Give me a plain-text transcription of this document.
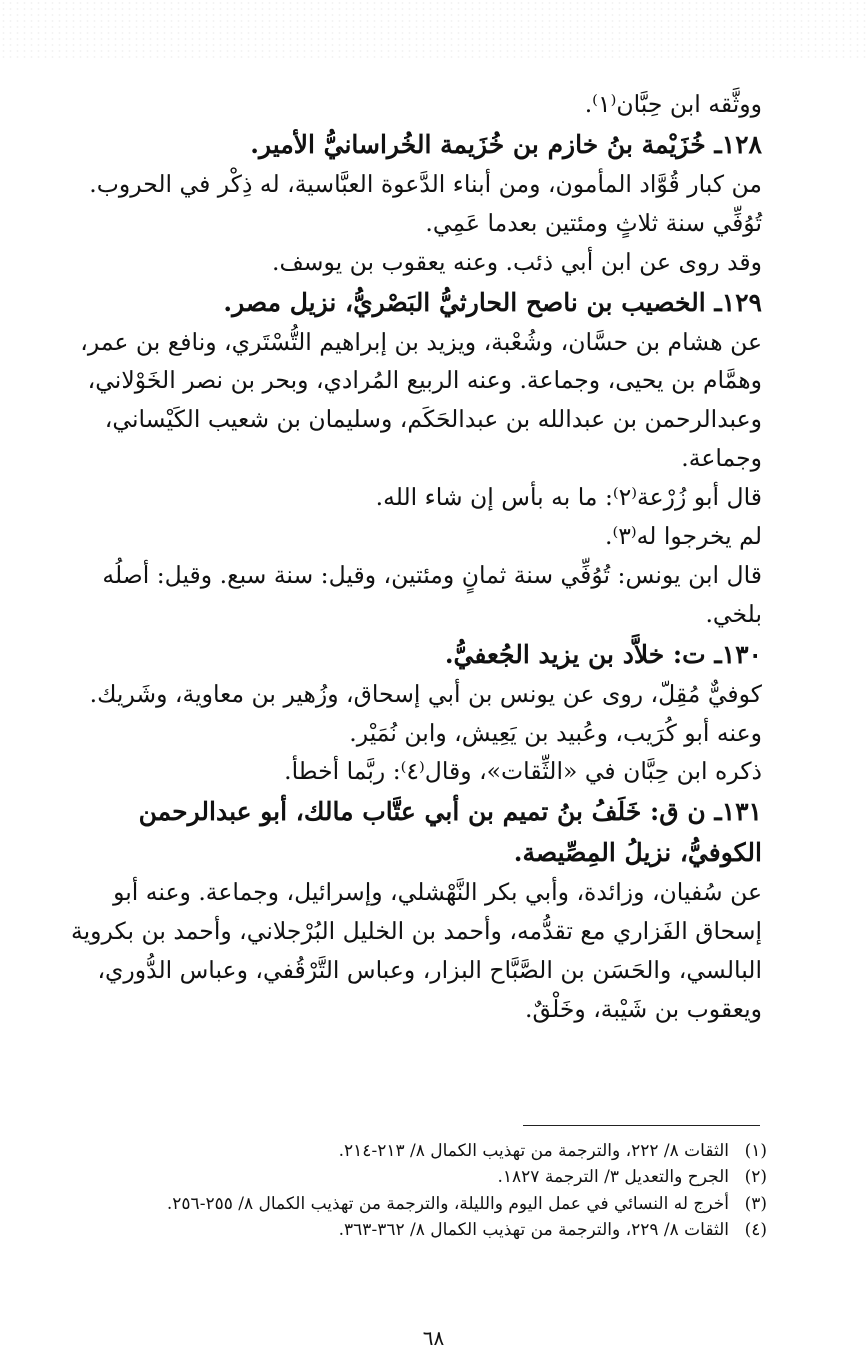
ووثَّقه ابن حِبَّان⁽١⁾.
١٢٨ـ خُزَيْمة بنُ خازم بن خُزَيمة الخُراسانيُّ الأمير.
من كبار قُوَّاد المأمون، ومن أبناء الدَّعوة العبَّاسية، له ذِكْر في الحروب.
تُوُفِّي سنة ثلاثٍ ومئتين بعدما عَمِي.
وقد روى عن ابن أبي ذئب. وعنه يعقوب بن يوسف.
١٢٩ـ الخصيب بن ناصح الحارثيُّ البَصْريُّ، نزيل مصر.
عن هشام بن حسَّان، وشُعْبة، ويزيد بن إبراهيم التُّسْتَري، ونافع بن عمر،
وهمَّام بن يحيى، وجماعة. وعنه الربيع المُرادي، وبحر بن نصر الخَوْلاني،
وعبدالرحمن بن عبدالله بن عبدالحَكَم، وسليمان بن شعيب الكَيْساني،
وجماعة.
قال أبو زُرْعة⁽٢⁾: ما به بأس إن شاء الله.
لم يخرجوا له⁽٣⁾.
قال ابن يونس: تُوُفِّي سنة ثمانٍ ومئتين، وقيل: سنة سبع. وقيل: أصلُه
بلخي.
١٣٠ـ ت: خلاَّد بن يزيد الجُعفيُّ.
كوفيٌّ مُقِلّ، روى عن يونس بن أبي إسحاق، وزُهير بن معاوية، وشَريك.
وعنه أبو كُرَيب، وعُبيد بن يَعِيش، وابن نُمَيْر.
ذكره ابن حِبَّان في «الثِّقات»، وقال⁽٤⁾: ربَّما أخطأ.
١٣١ـ ن ق: خَلَفُ بنُ تميم بن أبي عتَّاب مالك، أبو عبدالرحمن
الكوفيُّ، نزيلُ المِصِّيصة.
عن سُفيان، وزائدة، وأبي بكر النَّهْشلي، وإسرائيل، وجماعة. وعنه أبو
إسحاق الفَزاري مع تقدُّمه، وأحمد بن الخليل البُرْجلاني، وأحمد بن بكروية
البالسي، والحَسَن بن الصَّبَّاح البزار، وعباس التَّرْقُفي، وعباس الدُّوري،
ويعقوب بن شَيْبة، وخَلْقٌ.
(١)الثقات ٨/ ٢٢٢، والترجمة من تهذيب الكمال ٨/ ٢١٣-٢١٤.
(٢)الجرح والتعديل ٣/ الترجمة ١٨٢٧.
(٣)أخرج له النسائي في عمل اليوم والليلة، والترجمة من تهذيب الكمال ٨/ ٢٥٥-٢٥٦.
(٤)الثقات ٨/ ٢٢٩، والترجمة من تهذيب الكمال ٨/ ٣٦٢-٣٦٣.
٦٨
